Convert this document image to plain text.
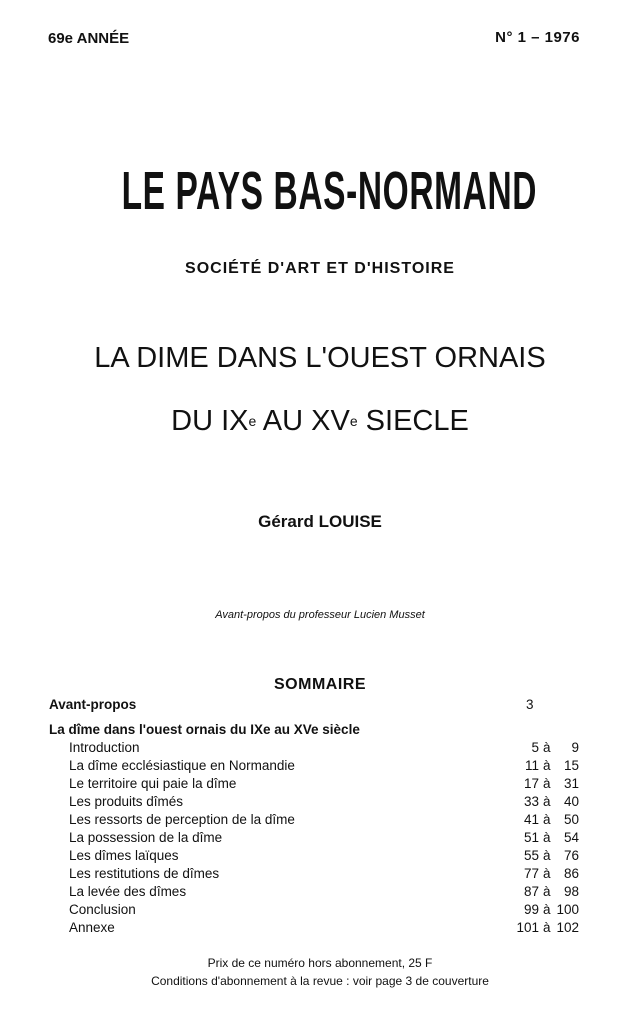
69e ANNÉE	N° 1 – 1976
LE PAYS BAS-NORMAND
SOCIÉTÉ D'ART ET D'HISTOIRE
LA DIME DANS L'OUEST ORNAIS
DU IXe AU XVe SIECLE
Gérard LOUISE
Avant-propos du professeur Lucien Musset
SOMMAIRE
Avant-propos	3
La dîme dans l'ouest ornais du IXe au XVe siècle
Introduction	5 à 9
La dîme ecclésiastique en Normandie	11 à 15
Le territoire qui paie la dîme	17 à 31
Les produits dîmés	33 à 40
Les ressorts de perception de la dîme	41 à 50
La possession de la dîme	51 à 54
Les dîmes laïques	55 à 76
Les restitutions de dîmes	77 à 86
La levée des dîmes	87 à 98
Conclusion	99 à 100
Annexe	101 à 102
Prix de ce numéro hors abonnement, 25 F
Conditions d'abonnement à la revue : voir page 3 de couverture
